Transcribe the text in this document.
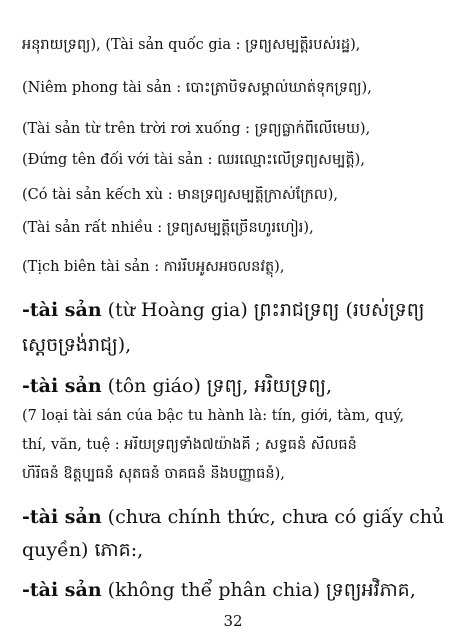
អនុរាយទ្រព្យ), (Tài sản quốc gia : ទ្រព្យសម្បត្តិរបស់រដ្ឋ),
(Niêm phong tài sản : បោះត្រាបិទសម្គាល់ឃាត់ទុកទ្រព្យ),
(Tài sản từ trên trời rơi xuống : ទ្រព្យធ្លាក់ពីលើមេឃ),
(Đứng tên đối với tài sản : ឈរឈ្មោះលើទ្រព្យសម្បត្តិ),
(Có tài sản kếch xù : មានទ្រព្យសម្បត្តិក្រាស់ក្រែល),
(Tài sản rất nhiều : ទ្រព្យសម្បត្តិច្រើនហូរហៀរ),
(Tịch biên tài sản : ការរឹបអូសអចលនវត្ថុ),
-tài sản (từ Hoàng gia) ព្រះរាជទ្រព្យ (របស់ទ្រព្យ
ស្តេចទ្រង់រាជ្យ),
-tài sản (tôn giáo) ទ្រព្យ, អរិយទ្រព្យ,
(7 loại tài sản của bậc tu hành là: tín, giới, tàm, quý,
thí, văn, tuệ : អរិយទ្រព្យទាំង៧យ៉ាងគឺ ; សទ្ធធនំ សីលធនំ
ហិរិធនំ ឱត្តប្បធនំ សុតធនំ ចាគធនំ និងបញ្ញាធនំ),
-tài sản (chưa chính thức, chưa có giấy chủ
quyền) ភោគ:,
-tài sản (không thể phân chia) ទ្រព្យអវិភាគ,
32
